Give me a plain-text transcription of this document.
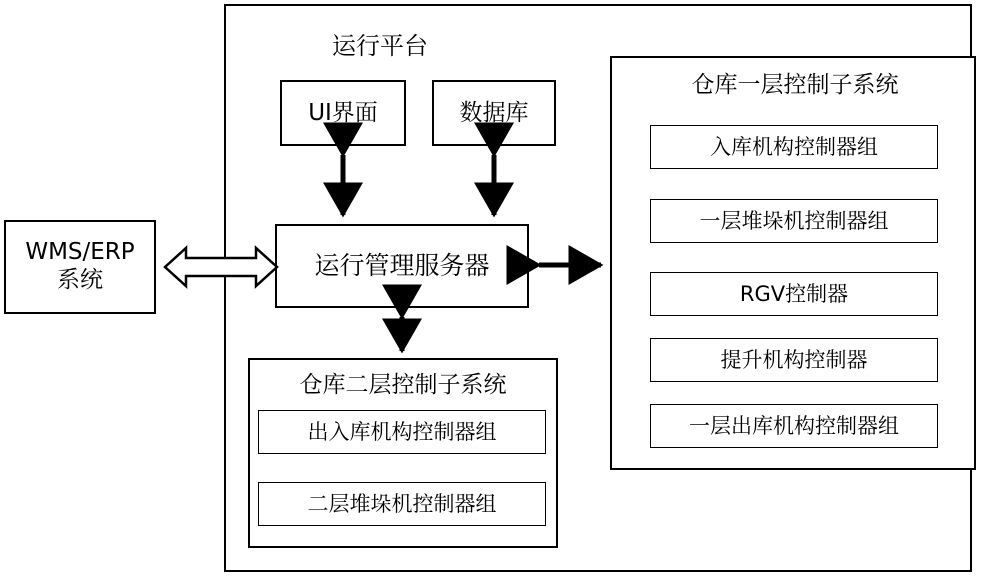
运行平台
UI界面	数据库
运行管理服务器
WMS/ERP
系统
仓库一层控制子系统
入库机构控制器组
一层堆垛机控制器组
RGV控制器
提升机构控制器
一层出库机构控制器组
仓库二层控制子系统
出入库机构控制器组
二层堆垛机控制器组
